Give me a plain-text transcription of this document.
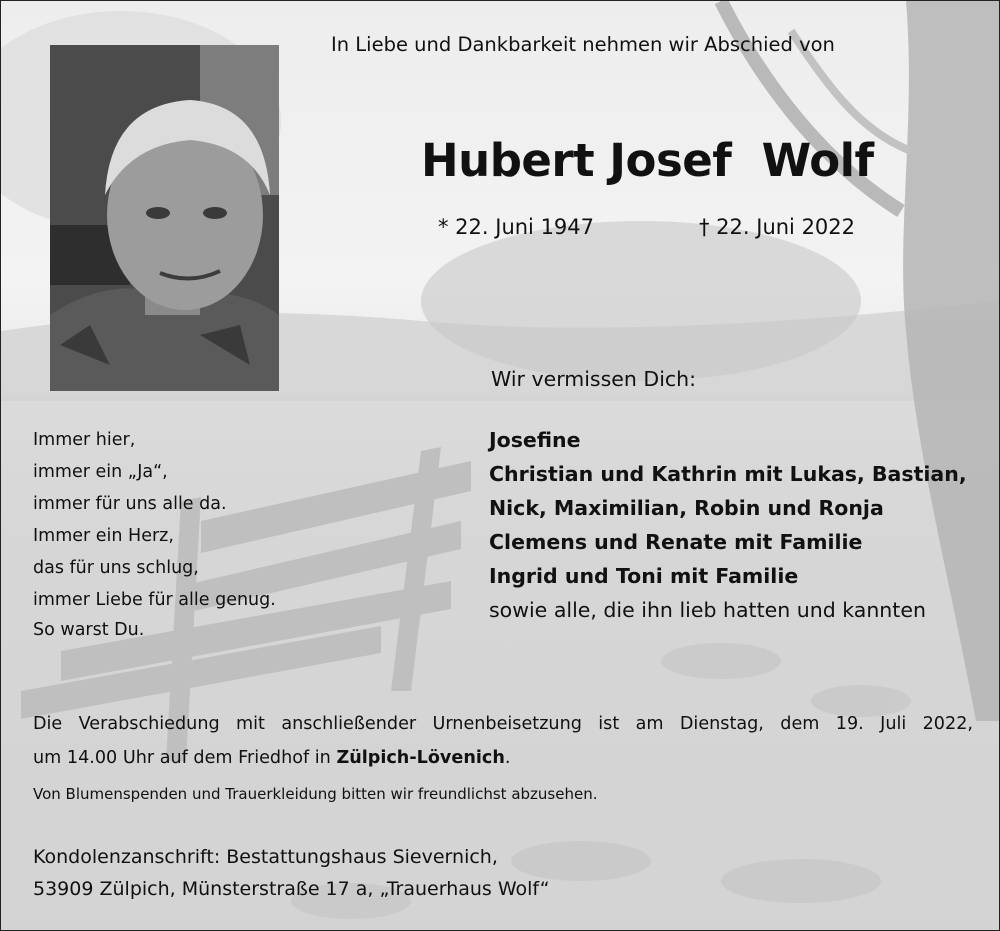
In Liebe und Dankbarkeit nehmen wir Abschied von
Hubert Josef  Wolf
* 22. Juni 1947	† 22. Juni 2022
Wir vermissen Dich:
Josefine
Christian und Kathrin mit Lukas, Bastian,
Nick, Maximilian, Robin und Ronja
Clemens und Renate mit Familie
Ingrid und Toni mit Familie
sowie alle, die ihn lieb hatten und kannten
Immer hier,
immer ein „Ja“,
immer für uns alle da.
Immer ein Herz,
das für uns schlug,
immer Liebe für alle genug.
So warst Du.
Die Verabschiedung mit anschließender Urnenbeisetzung ist am Dienstag, dem 19. Juli 2022,
um 14.00 Uhr auf dem Friedhof in Zülpich-Lövenich.
Von Blumenspenden und Trauerkleidung bitten wir freundlichst abzusehen.
Kondolenzanschrift: Bestattungshaus Sievernich,
53909 Zülpich, Münsterstraße 17 a, „Trauerhaus Wolf“
